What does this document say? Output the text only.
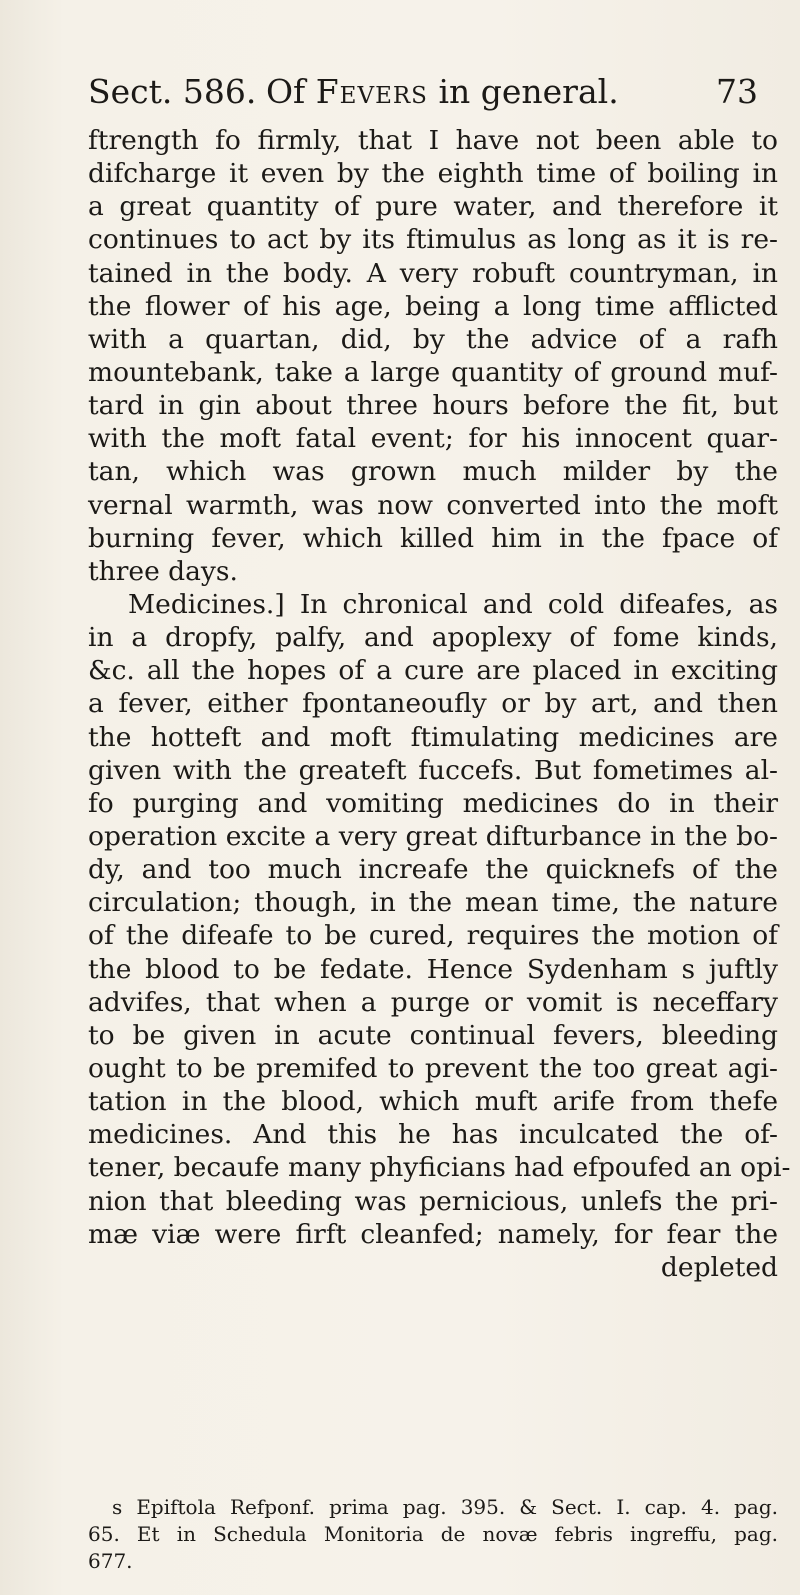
Sect. 586. Of Fevers in general.	73
ftrength fo firmly, that I have not been able to
difcharge it even by the eighth time of boiling in
a great quantity of pure water, and therefore it
continues to act by its ftimulus as long as it is re-
tained in the body. A very robuft countryman, in
the flower of his age, being a long time afflicted
with a quartan, did, by the advice of a rafh
mountebank, take a large quantity of ground muf-
tard in gin about three hours before the fit, but
with the moft fatal event; for his innocent quar-
tan, which was grown much milder by the
vernal warmth, was now converted into the moft
burning fever, which killed him in the fpace of
three days.
Medicines.] In chronical and cold difeafes, as
in a dropfy, palfy, and apoplexy of fome kinds,
&c. all the hopes of a cure are placed in exciting
a fever, either fpontaneoufly or by art, and then
the hotteft and moft ftimulating medicines are
given with the greateft fuccefs. But fometimes al-
fo purging and vomiting medicines do in their
operation excite a very great difturbance in the bo-
dy, and too much increafe the quicknefs of the
circulation; though, in the mean time, the nature
of the difeafe to be cured, requires the motion of
the blood to be fedate. Hence Sydenham s juftly
advifes, that when a purge or vomit is neceffary
to be given in acute continual fevers, bleeding
ought to be premifed to prevent the too great agi-
tation in the blood, which muft arife from thefe
medicines. And this he has inculcated the of-
tener, becaufe many phyficians had efpoufed an opi-
nion that bleeding was pernicious, unlefs the pri-
mæ viæ were firft cleanfed; namely, for fear the
depleted
s Epiftola Refponf. prima pag. 395. & Sect. I. cap. 4. pag.
65. Et in Schedula Monitoria de novæ febris ingreffu, pag.
677.
